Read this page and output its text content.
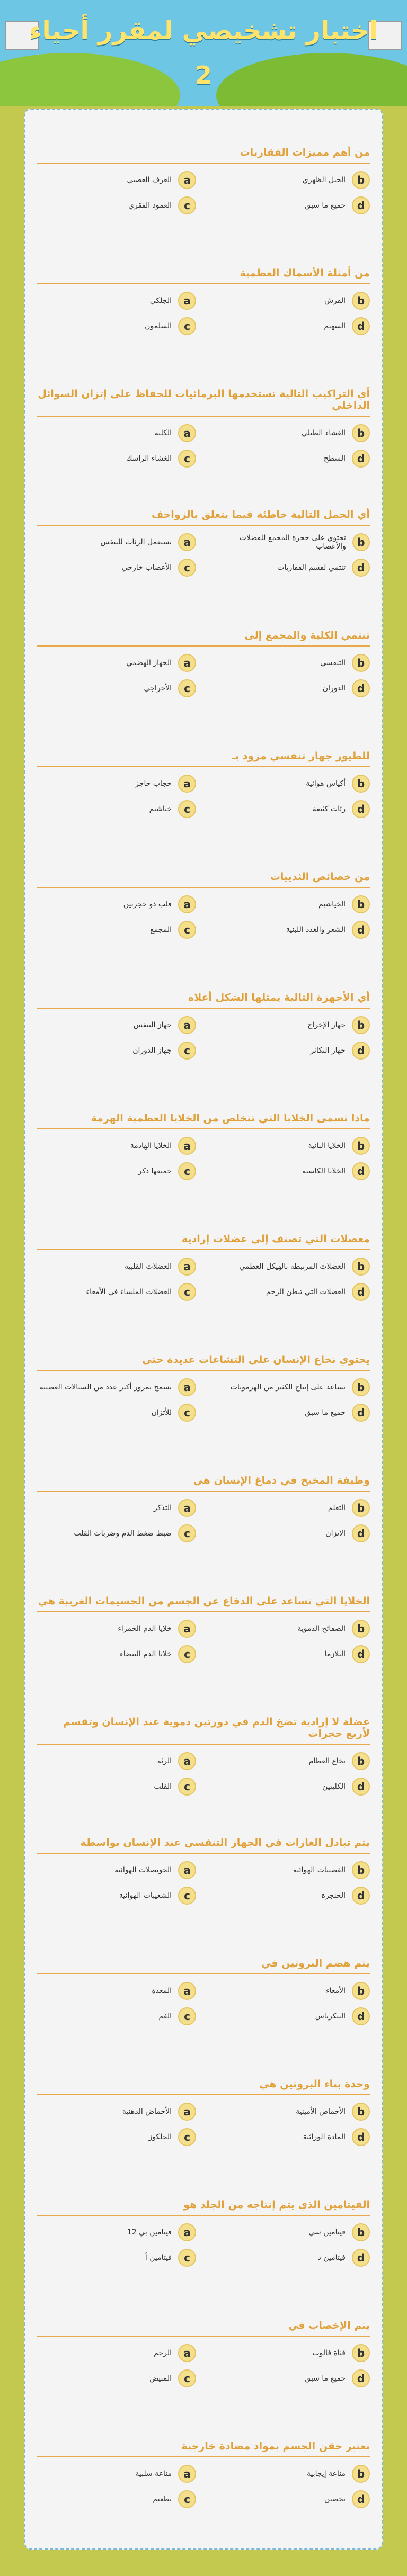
اختبار تشخيصي لمقرر أحياء
2
من أهم مميزات الفقاريات
b
الحبل الظهري
a
العرف العصبي
d
جميع ما سبق
c
العمود الفقري
من أمثلة الأسماك العظمية
b
القرش
a
الجلكي
d
السهيم
c
السلمون
أي التراكيب التالية تستخدمها البرمائيات للحفاظ على إتزان السوائل الداخلي
b
الغشاء الطبلي
a
الكلية
d
السطح
c
الغشاء الراسك
أي الجمل التالية خاطئة فيما يتعلق بالزواحف
b
تحتوي على حجرة المجمع للفضلات والأعصاب
a
تستعمل الرئات للتنفس
d
تنتمي لقسم الفقاريات
c
الأعصاب خارجي
تنتمي الكلية والمجمع إلى
b
التنفسي
a
الجهاز الهضمي
d
الدوران
c
الأخراجي
للطيور جهاز تنفسي مزود بـ
b
أكياس هوائية
a
حجاب حاجز
d
رئات كثيفة
c
خياشيم
من خصائص الثدييات
b
الخياشيم
a
قلب ذو حجرتين
d
الشعر والغدد اللبنية
c
المجمع
أي الأجهزة التالية يمثلها الشكل أعلاه
b
جهاز الإخراج
a
جهاز التنفس
d
جهاز التكاثر
c
جهاز الدوران
ماذا تسمى الخلايا التي تتخلص من الخلايا العظمية الهرمة
b
الخلايا البانية
a
الخلايا الهادمة
d
الخلايا الكاسية
c
جميعها ذكر
معصلات التي تصنف إلى عضلات إرادية
b
العضلات المرتبطة بالهيكل العظمي
a
العضلات القلبية
d
العضلات التي تبطن الرحم
c
العضلات الملساء في الأمعاء
يحتوي نخاع الإنسان على التشاعات عديدة حتى
b
تساعد على إنتاج الكثير من الهرمونات
a
يسمح بمرور أكبر عدد من السيالات العصبية
d
جميع ما سبق
c
للأتزان
وظيفة المخيخ في دماغ الإنسان هي
b
التعلم
a
التذكر
d
الاتزان
c
ضبط ضغط الدم وضربات القلب
الخلايا التي تساعد على الدفاع عن الجسم من الجسيمات الغريبة هي
b
الصفائح الدموية
a
خلايا الدم الحمراء
d
البلازما
c
خلايا الدم البيضاء
عضلة لا إرادية تضخ الدم في دورتين دموية عند الإنسان وتقسم لأربع حجرات
b
نخاع العظام
a
الرئة
d
الكليتين
c
القلب
يتم تبادل الغازات في الجهاز التنفسي عند الإنسان بواسطة
b
القصيبات الهوائية
a
الحويصلات الهوائية
d
الحنجرة
c
الشعيبات الهوائية
يتم هضم البروتين في
b
الأمعاء
a
المعدة
d
البنكرياس
c
الفم
وحدة بناء البروتين هي
b
الأحماض الأمينية
a
الأحماض الدهنية
d
المادة الوراثية
c
الجلكوز
الفيتامين الذي يتم إنتاجه من الجلد هو
b
فيتامين سي
a
فيتامين بي 12
d
فيتامين د
c
فيتامين أ
يتم الإخصاب في
b
قناة فالوب
a
الرحم
d
جميع ما سبق
c
المبيض
بعتبر حقن الجسم بمواد مضادة خارجية
b
مناعة إيجابية
a
مناعة سلبية
d
تحصين
c
تطعيم
